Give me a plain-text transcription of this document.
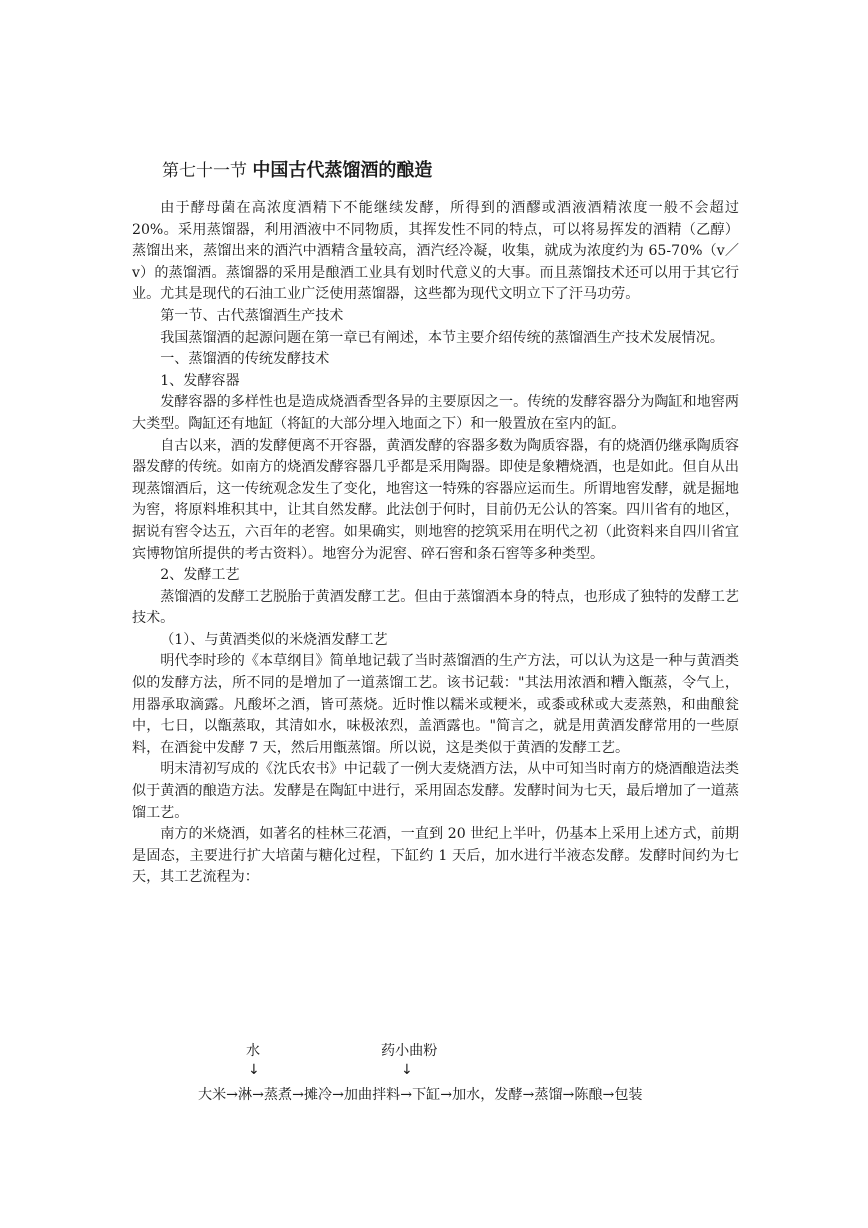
第七十一节 中国古代蒸馏酒的酿造

由于酵母菌在高浓度酒精下不能继续发酵，所得到的酒醪或酒液酒精浓度一般不会超过 20%。采用蒸馏器，利用酒液中不同物质，其挥发性不同的特点，可以将易挥发的酒精（乙醇）蒸馏出来，蒸馏出来的酒汽中酒精含量较高，酒汽经冷凝，收集，就成为浓度约为 65-70%（v／v）的蒸馏酒。蒸馏器的采用是酿酒工业具有划时代意义的大事。而且蒸馏技术还可以用于其它行业。尤其是现代的石油工业广泛使用蒸馏器，这些都为现代文明立下了汗马功劳。

第一节、古代蒸馏酒生产技术

我国蒸馏酒的起源问题在第一章已有阐述，本节主要介绍传统的蒸馏酒生产技术发展情况。

一、蒸馏酒的传统发酵技术

1、发酵容器

发酵容器的多样性也是造成烧酒香型各异的主要原因之一。传统的发酵容器分为陶缸和地窖两大类型。陶缸还有地缸（将缸的大部分埋入地面之下）和一般置放在室内的缸。

自古以来，酒的发酵便离不开容器，黄酒发酵的容器多数为陶质容器，有的烧酒仍继承陶质容器发酵的传统。如南方的烧酒发酵容器几乎都是采用陶器。即使是象糟烧酒，也是如此。但自从出现蒸馏酒后，这一传统观念发生了变化，地窖这一特殊的容器应运而生。所谓地窖发酵，就是掘地为窖，将原料堆积其中，让其自然发酵。此法创于何时，目前仍无公认的答案。四川省有的地区，据说有窖令达五，六百年的老窖。如果确实，则地窖的挖筑采用在明代之初（此资料来自四川省宜宾博物馆所提供的考古资料）。地窖分为泥窖、碎石窖和条石窖等多种类型。

2、发酵工艺

蒸馏酒的发酵工艺脱胎于黄酒发酵工艺。但由于蒸馏酒本身的特点，也形成了独特的发酵工艺技术。

（1）、与黄酒类似的米烧酒发酵工艺

明代李时珍的《本草纲目》简单地记载了当时蒸馏酒的生产方法，可以认为这是一种与黄酒类似的发酵方法，所不同的是增加了一道蒸馏工艺。该书记载："其法用浓酒和糟入甑蒸，令气上，用器承取滴露。凡酸坏之酒，皆可蒸烧。近时惟以糯米或粳米，或黍或秫或大麦蒸熟，和曲酿瓮中，七日，以甑蒸取，其清如水，味极浓烈，盖酒露也。"简言之，就是用黄酒发酵常用的一些原料，在酒瓮中发酵 7 天，然后用甑蒸馏。所以说，这是类似于黄酒的发酵工艺。

明末清初写成的《沈氏农书》中记载了一例大麦烧酒方法，从中可知当时南方的烧酒酿造法类似于黄酒的酿造方法。发酵是在陶缸中进行，采用固态发酵。发酵时间为七天，最后增加了一道蒸馏工艺。

南方的米烧酒，如著名的桂林三花酒，一直到 20 世纪上半叶，仍基本上采用上述方式，前期是固态，主要进行扩大培菌与糖化过程，下缸约 1 天后，加水进行半液态发酵。发酵时间约为七天，其工艺流程为：

水	药小曲粉
↓	↓
大米→淋→蒸煮→摊冷→加曲拌料→下缸→加水，发酵→蒸馏→陈酿→包装
